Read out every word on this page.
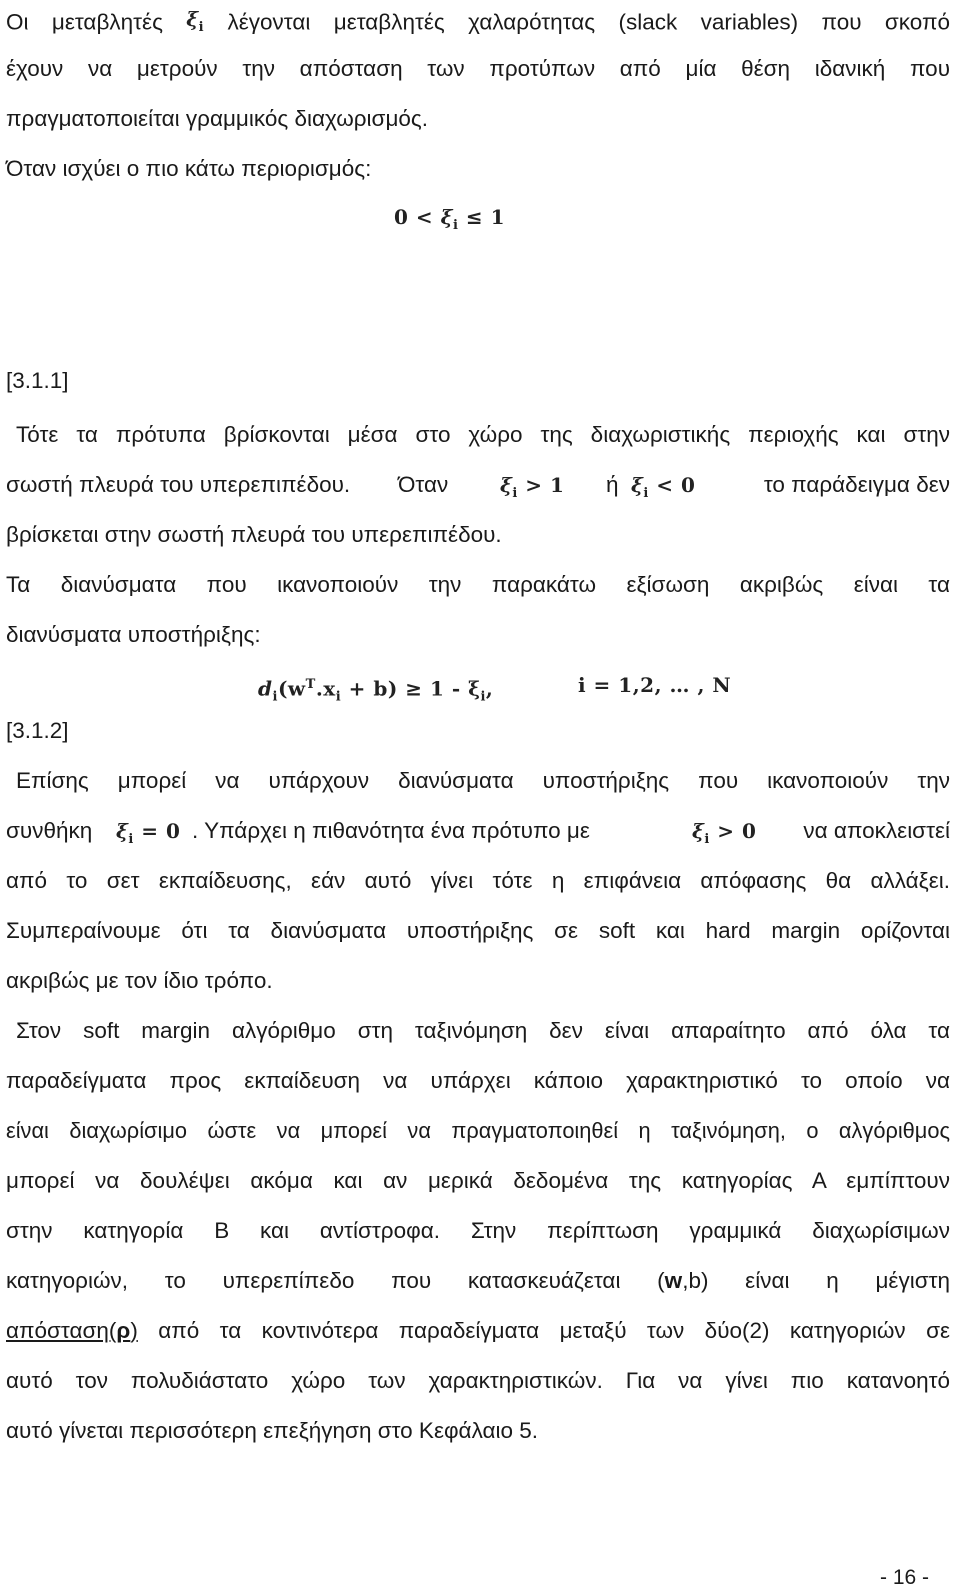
Οι μεταβλητές $\xi_i$ λέγονται μεταβλητές χαλαρότητας (slack variables) που σκοπό
έχουν να μετρούν την απόσταση των προτύπων από μία θέση ιδανική που
πραγματοποιείται γραμμικός διαχωρισμός.
Όταν ισχύει ο πιο κάτω περιορισμός:
$0 < \xi_i \le 1$
[3.1.1]
Τότε τα πρότυπα βρίσκονται μέσα στο χώρο της διαχωριστικής περιοχής και στην
σωστή πλευρά του υπερεπιπέδου. Όταν	$\xi_i > 1$ ή $\xi_i < 0$	το παράδειγμα δεν
βρίσκεται στην σωστή πλευρά του υπερεπιπέδου.
Τα διανύσματα που ικανοποιούν την παρακάτω εξίσωση ακριβώς είναι τα
διανύσματα υποστήριξης:
$d_i(w^T.x_i + b) \ge 1 - \xi_i$,	i = 1,2, … , N
[3.1.2]
Επίσης μπορεί να υπάρχουν διανύσματα υποστήριξης που ικανοποιούν την
συνθήκη $\xi_i = 0$ . Υπάρχει η πιθανότητα ένα πρότυπο με	$\xi_i > 0$ να αποκλειστεί
από το σετ εκπαίδευσης, εάν αυτό γίνει τότε η επιφάνεια απόφασης θα αλλάξει.
Συμπεραίνουμε ότι τα διανύσματα υποστήριξης σε soft και hard margin ορίζονται
ακριβώς με τον ίδιο τρόπο.
Στον soft margin αλγόριθμο στη ταξινόμηση δεν είναι απαραίτητο από όλα τα
παραδείγματα προς εκπαίδευση να υπάρχει κάποιο χαρακτηριστικό το οποίο να
είναι διαχωρίσιμο ώστε να μπορεί να πραγματοποιηθεί η ταξινόμηση, ο αλγόριθμος
μπορεί να δουλέψει ακόμα και αν μερικά δεδομένα της κατηγορίας Α εμπίπτουν
στην κατηγορία Β και αντίστροφα. Στην περίπτωση γραμμικά διαχωρίσιμων
κατηγοριών, το υπερεπίπεδο που κατασκευάζεται (w,b) είναι η μέγιστη
απόσταση(ρ) από τα κοντινότερα παραδείγματα μεταξύ των δύο(2) κατηγοριών σε
αυτό τον πολυδιάστατο χώρο των χαρακτηριστικών. Για να γίνει πιο κατανοητό
αυτό γίνεται περισσότερη επεξήγηση στο Κεφάλαιο 5.
- 16 -
